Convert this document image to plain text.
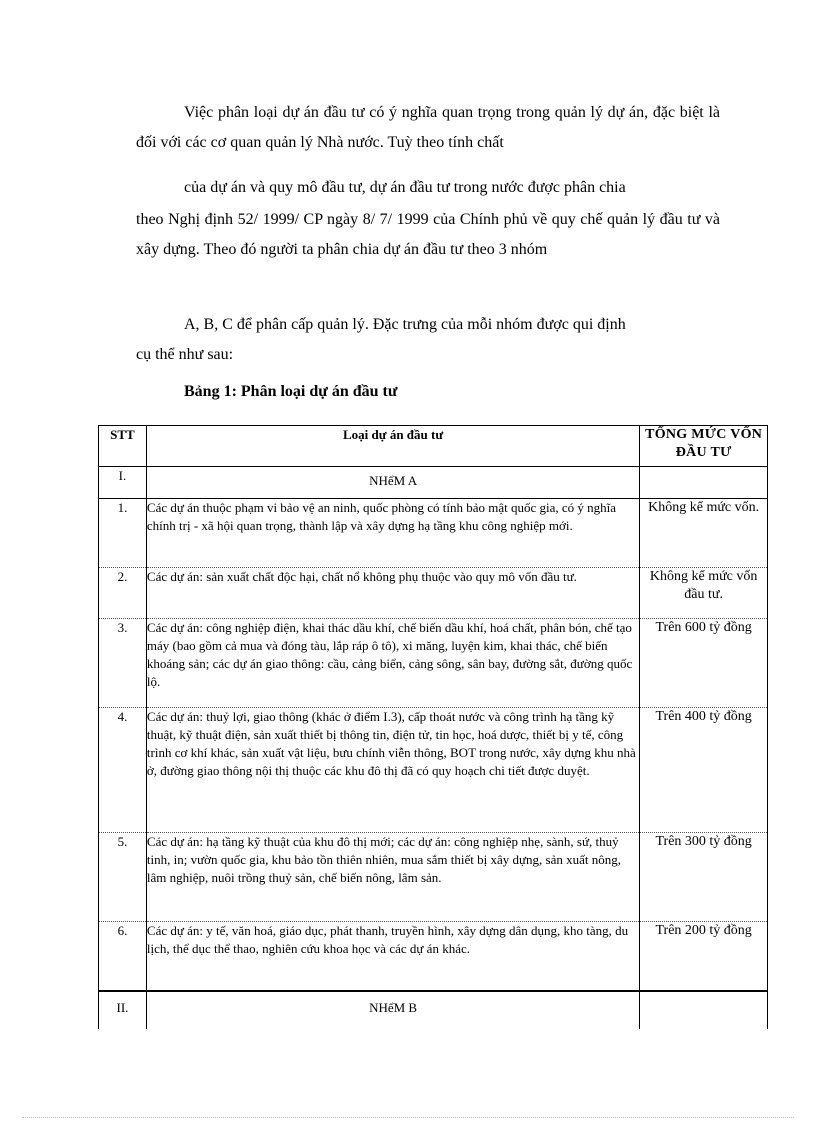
Việc phân loại dự án đầu tư có ý nghĩa quan trọng trong quản lý dự án, đặc biệt là đối với các cơ quan quản lý Nhà nước. Tuỳ theo tính chất

của dự án và quy mô đầu tư, dự án đầu tư trong nước được phân chia

theo Nghị định 52/ 1999/ CP ngày 8/ 7/ 1999 của Chính phủ về quy chế quản lý đầu tư và xây dựng. Theo đó người ta phân chia dự án đầu tư theo 3 nhóm

A, B, C để phân cấp quản lý. Đặc trưng của mỗi nhóm được qui định

cụ thể như sau:

Bảng 1: Phân loại dự án đầu tư

STT	Loại dự án đầu tư	TỔNG MỨC VỐN ĐẦU TƯ
I.	NHểM A	
1.	Các dự án thuộc phạm vi bảo vệ an ninh, quốc phòng có tính bảo mật quốc gia, có ý nghĩa chính trị - xã hội quan trọng, thành lập và xây dựng hạ tầng khu công nghiệp mới.	Không kể mức vốn.
2.	Các dự án: sản xuất chất độc hại, chất nổ không phụ thuộc vào quy mô vốn đầu tư.	Không kể mức vốn đầu tư.
3.	Các dự án: công nghiệp điện, khai thác dầu khí, chế biến dầu khí, hoá chất, phân bón, chế tạo máy (bao gồm cả mua và đóng tàu, lắp ráp ô tô), xi măng, luyện kim, khai thác, chế biến khoáng sản; các dự án giao thông: cầu, cảng biển, cảng sông, sân bay, đường sắt, đường quốc lộ.	Trên 600 tỷ đồng
4.	Các dự án: thuỷ lợi, giao thông (khác ở điểm I.3), cấp thoát nước và công trình hạ tầng kỹ thuật, kỹ thuật điện, sản xuất thiết bị thông tin, điện tử, tin học, hoá dược, thiết bị y tế, công trình cơ khí khác, sản xuất vật liệu, bưu chính viễn thông, BOT trong nước, xây dựng khu nhà ở, đường giao thông nội thị thuộc các khu đô thị đã có quy hoạch chi tiết được duyệt.	Trên 400 tỷ đồng
5.	Các dự án: hạ tầng kỹ thuật của khu đô thị mới; các dự án: công nghiệp nhẹ, sành, sứ, thuỷ tinh, in; vườn quốc gia, khu bảo tồn thiên nhiên, mua sắm thiết bị xây dựng, sản xuất nông, lâm nghiệp, nuôi trồng thuỷ sản, chế biến nông, lâm sản.	Trên 300 tỷ đồng
6.	Các dự án: y tế, văn hoá, giáo dục, phát thanh, truyền hình, xây dựng dân dụng, kho tàng, du lịch, thể dục thể thao, nghiên cứu khoa học và các dự án khác.	Trên 200 tỷ đồng
II.	NHểM B	
